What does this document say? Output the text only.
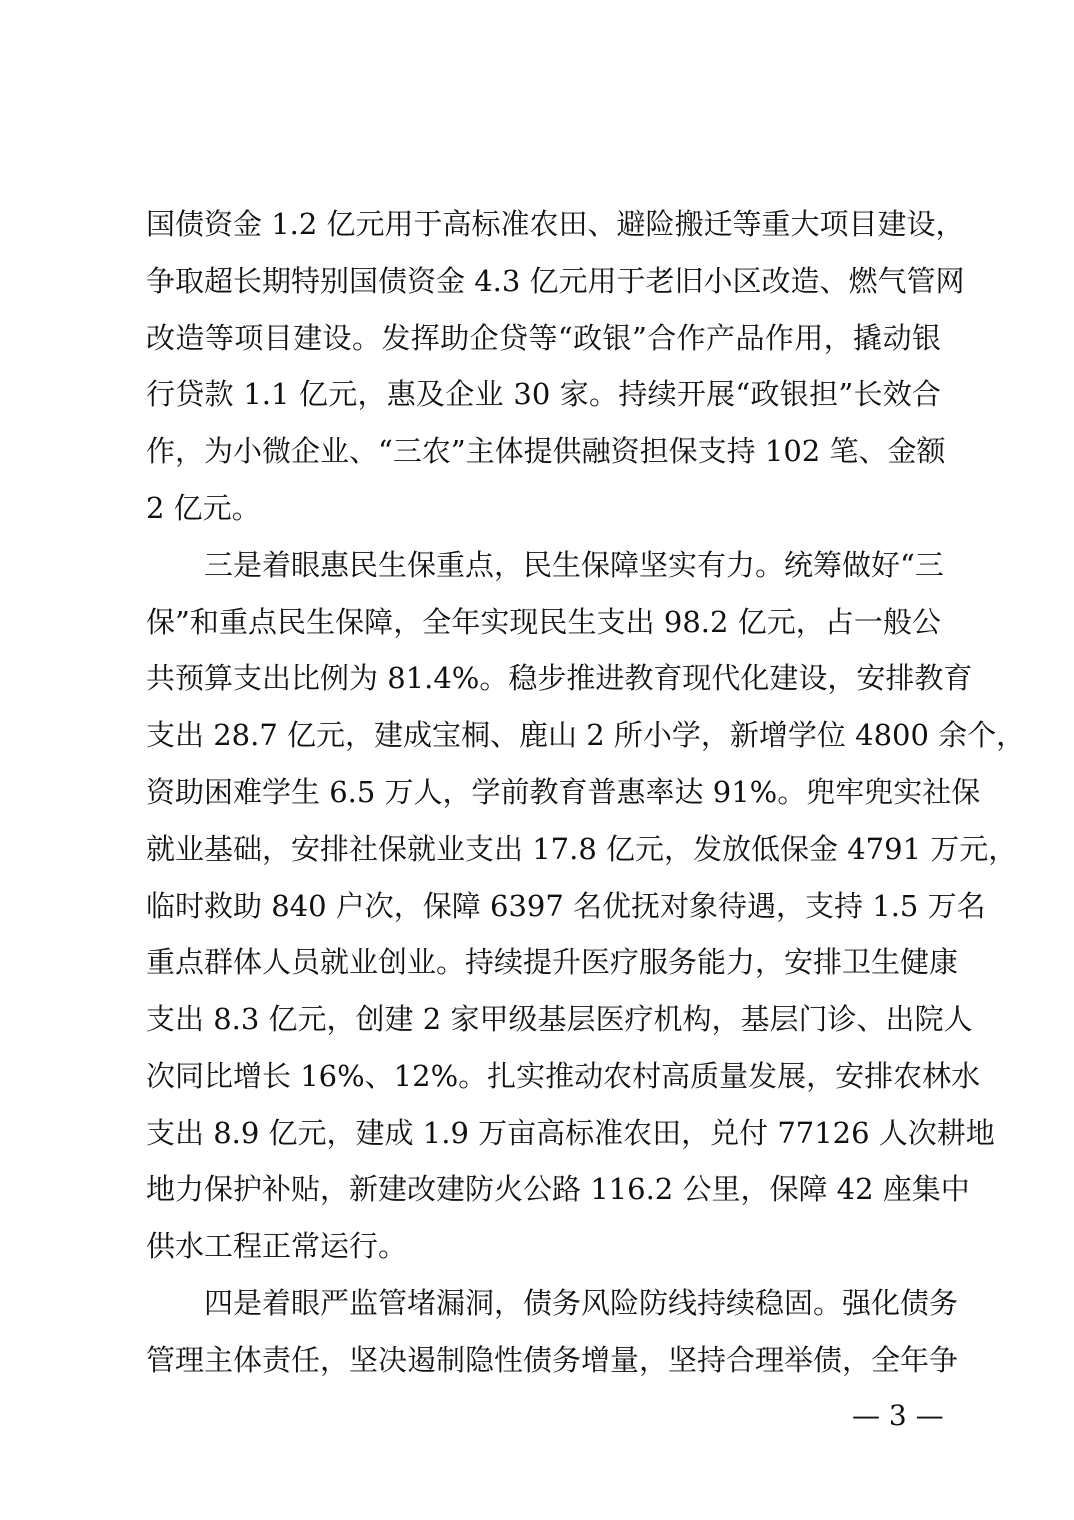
国债资金 1.2 亿元用于高标准农田、避险搬迁等重大项目建设，
争取超长期特别国债资金 4.3 亿元用于老旧小区改造、燃气管网
改造等项目建设。发挥助企贷等“政银”合作产品作用，撬动银
行贷款 1.1 亿元，惠及企业 30 家。持续开展“政银担”长效合
作，为小微企业、“三农”主体提供融资担保支持 102 笔、金额
2 亿元。
三是着眼惠民生保重点，民生保障坚实有力。统筹做好“三
保”和重点民生保障，全年实现民生支出 98.2 亿元，占一般公
共预算支出比例为 81.4%。稳步推进教育现代化建设，安排教育
支出 28.7 亿元，建成宝桐、鹿山 2 所小学，新增学位 4800 余个，
资助困难学生 6.5 万人，学前教育普惠率达 91%。兜牢兜实社保
就业基础，安排社保就业支出 17.8 亿元，发放低保金 4791 万元，
临时救助 840 户次，保障 6397 名优抚对象待遇，支持 1.5 万名
重点群体人员就业创业。持续提升医疗服务能力，安排卫生健康
支出 8.3 亿元，创建 2 家甲级基层医疗机构，基层门诊、出院人
次同比增长 16%、12%。扎实推动农村高质量发展，安排农林水
支出 8.9 亿元，建成 1.9 万亩高标准农田，兑付 77126 人次耕地
地力保护补贴，新建改建防火公路 116.2 公里，保障 42 座集中
供水工程正常运行。
四是着眼严监管堵漏洞，债务风险防线持续稳固。强化债务
管理主体责任，坚决遏制隐性债务增量，坚持合理举债，全年争
— 3 —
